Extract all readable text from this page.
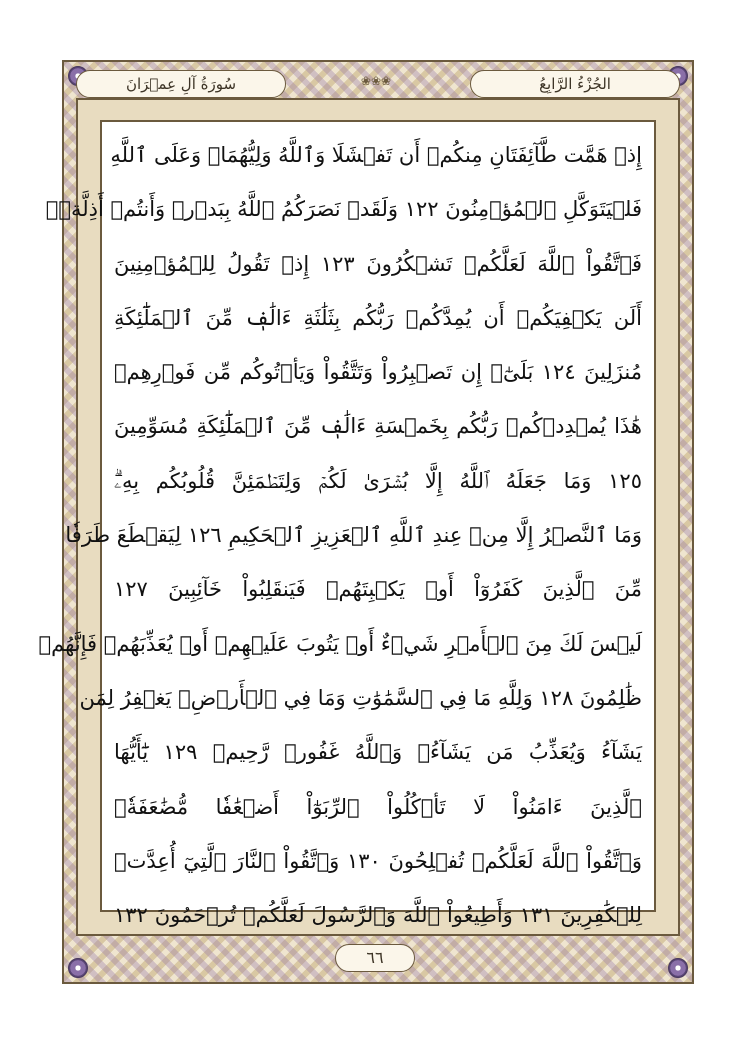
الجُزْءُ الرَّابِعُ
❀❀❀
سُورَةُ آلِ عِمۡرَانَ
إِذۡ هَمَّت طَّآئِفَتَانِ مِنكُمۡ أَن تَفۡشَلَا وَٱللَّهُ وَلِيُّهُمَاۗ وَعَلَى ٱللَّهِ
فَلۡيَتَوَكَّلِ ٱلۡمُؤۡمِنُونَ ١٢٢ وَلَقَدۡ نَصَرَكُمُ ٱللَّهُ بِبَدۡرٖ وَأَنتُمۡ أَذِلَّةٞۖ
فَٱتَّقُواْ ٱللَّهَ لَعَلَّكُمۡ تَشۡكُرُونَ ١٢٣ إِذۡ تَقُولُ لِلۡمُؤۡمِنِينَ
أَلَن يَكۡفِيَكُمۡ أَن يُمِدَّكُمۡ رَبُّكُم بِثَلَٰثَةِ ءَالَٰفٖ مِّنَ ٱلۡمَلَٰٓئِكَةِ
مُنزَلِينَ ١٢٤ بَلَىٰٓۚ إِن تَصۡبِرُواْ وَتَتَّقُواْ وَيَأۡتُوكُم مِّن فَوۡرِهِمۡ
هَٰذَا يُمۡدِدۡكُمۡ رَبُّكُم بِخَمۡسَةِ ءَالَٰفٖ مِّنَ ٱلۡمَلَٰٓئِكَةِ مُسَوِّمِينَ
١٢٥ وَمَا جَعَلَهُ ٱللَّهُ إِلَّا بُشۡرَىٰ لَكُمۡ وَلِتَطۡمَئِنَّ قُلُوبُكُم بِهِۦۗ
وَمَا ٱلنَّصۡرُ إِلَّا مِنۡ عِندِ ٱللَّهِ ٱلۡعَزِيزِ ٱلۡحَكِيمِ ١٢٦ لِيَقۡطَعَ طَرَفٗا
مِّنَ ٱلَّذِينَ كَفَرُوٓاْ أَوۡ يَكۡبِتَهُمۡ فَيَنقَلِبُواْ خَآئِبِينَ ١٢٧
لَيۡسَ لَكَ مِنَ ٱلۡأَمۡرِ شَيۡءٌ أَوۡ يَتُوبَ عَلَيۡهِمۡ أَوۡ يُعَذِّبَهُمۡ فَإِنَّهُمۡ
ظَٰلِمُونَ ١٢٨ وَلِلَّهِ مَا فِي ٱلسَّمَٰوَٰتِ وَمَا فِي ٱلۡأَرۡضِۚ يَغۡفِرُ لِمَن
يَشَآءُ وَيُعَذِّبُ مَن يَشَآءُۚ وَٱللَّهُ غَفُورٞ رَّحِيمٞ ١٢٩ يَٰٓأَيُّهَا
ٱلَّذِينَ ءَامَنُواْ لَا تَأۡكُلُواْ ٱلرِّبَوٰٓاْ أَضۡعَٰفٗا مُّضَٰعَفَةٗۖ
وَٱتَّقُواْ ٱللَّهَ لَعَلَّكُمۡ تُفۡلِحُونَ ١٣٠ وَٱتَّقُواْ ٱلنَّارَ ٱلَّتِيٓ أُعِدَّتۡ
لِلۡكَٰفِرِينَ ١٣١ وَأَطِيعُواْ ٱللَّهَ وَٱلرَّسُولَ لَعَلَّكُمۡ تُرۡحَمُونَ ١٣٢
٦٦
